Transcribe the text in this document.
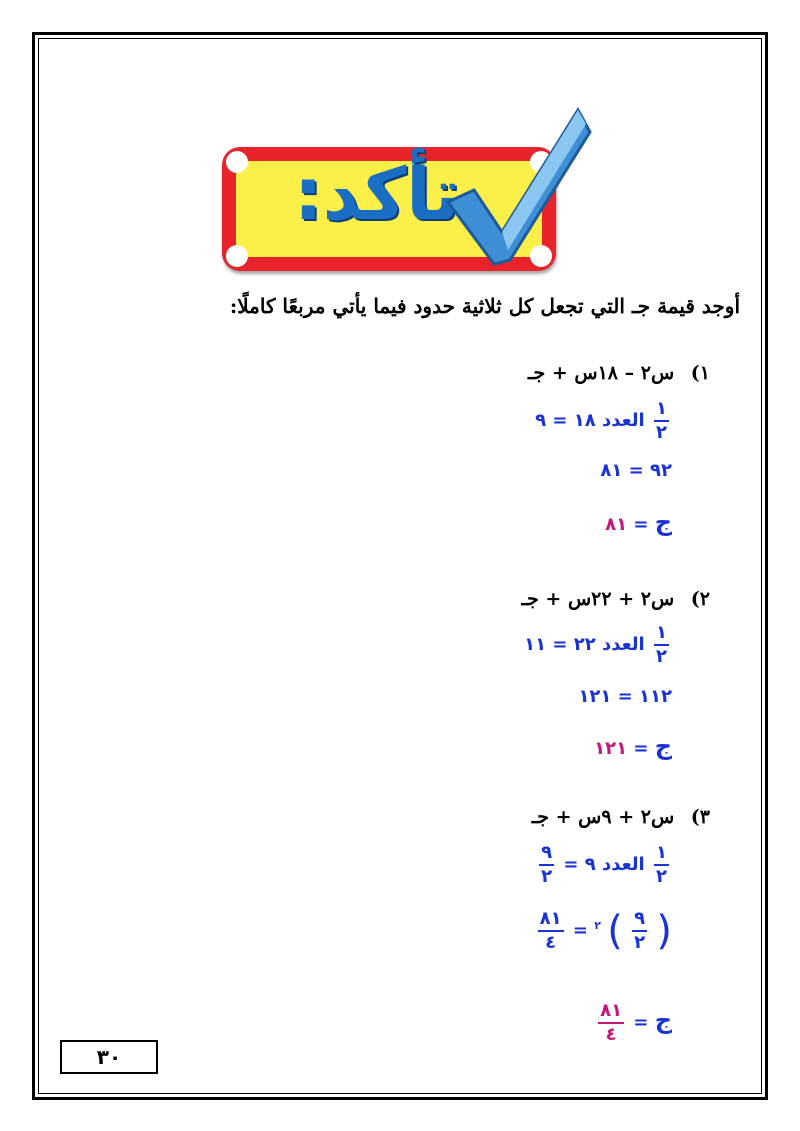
تأكد:
أوجد قيمة جـ التي تجعل كل ثلاثية حدود فيما يأتي مربعًا كاملًا:
١) س٢ – ١٨س + جـ
$\frac{١}{٢}$
العدد ١٨ = ٩
٩٢ = ٨١
ج = ٨١
٢) س٢ + ٢٢س + جـ
$\frac{١}{٢}$
العدد ٢٢ = ١١
١١٢ = ١٢١
ج = ١٢١
٣) س٢ + ٩س + جـ
$\frac{١}{٢}$
العدد ٩ =
$\frac{٩}{٢}$
(
$\frac{٩}{٢}$
) $^٢$ =
$\frac{٨١}{٤}$
ج =
$\frac{٨١}{٤}$
٣٠
